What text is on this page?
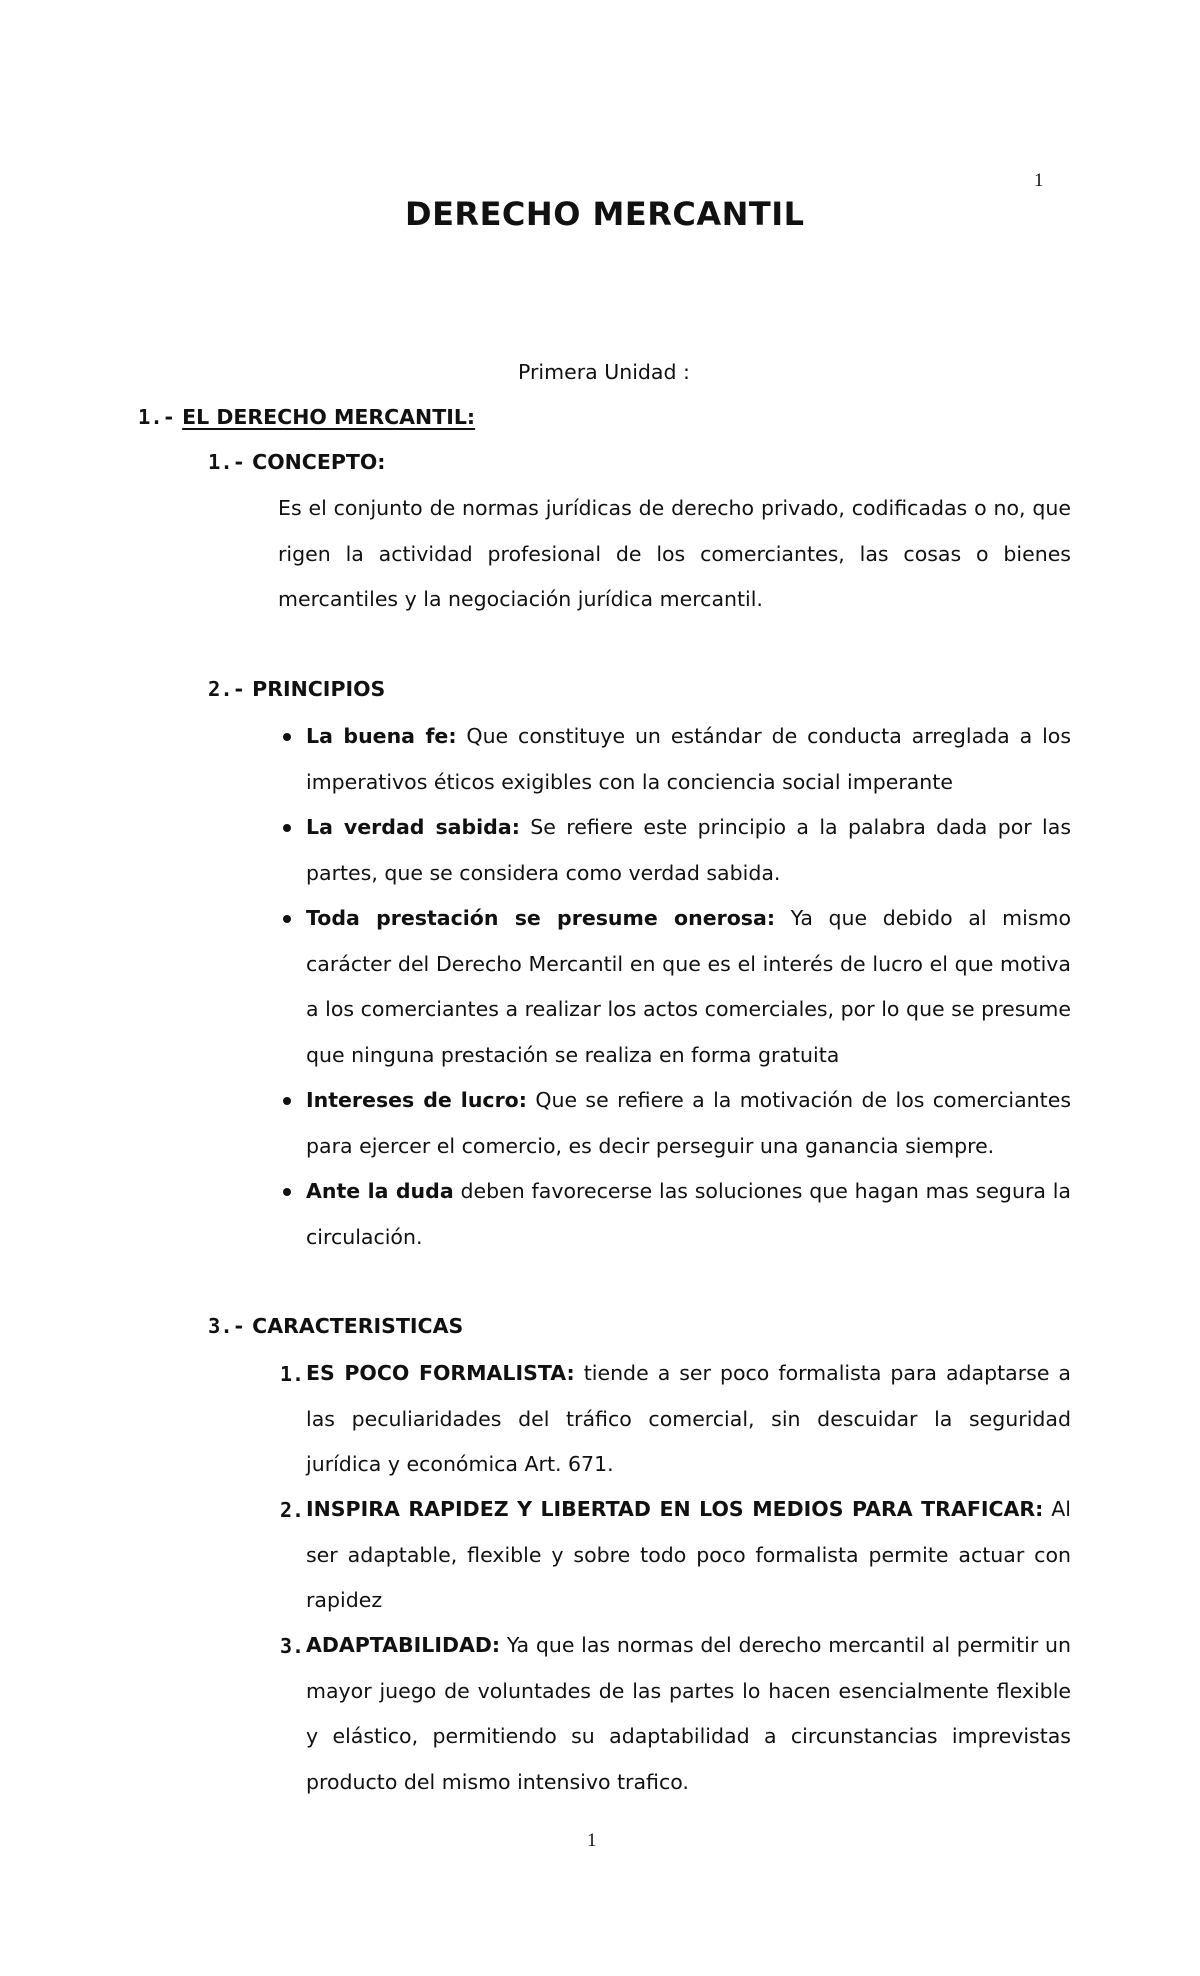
1
DERECHO MERCANTIL
Primera Unidad :
1.- EL DERECHO MERCANTIL:
1.- CONCEPTO:
Es el conjunto de normas jurídicas de derecho privado, codificadas o no, que rigen la actividad profesional de los comerciantes, las cosas o bienes mercantiles y la negociación jurídica mercantil.
2.- PRINCIPIOS
La buena fe: Que constituye un estándar de conducta arreglada a los imperativos éticos exigibles con la conciencia social imperante
La verdad sabida: Se refiere este principio a la palabra dada por las partes, que se considera como verdad sabida.
Toda prestación se presume onerosa: Ya que debido al mismo carácter del Derecho Mercantil en que es el interés de lucro el que motiva a los comerciantes a realizar los actos comerciales, por lo que se presume que ninguna prestación se realiza en forma gratuita
Intereses de lucro: Que se refiere a la motivación de los comerciantes para ejercer el comercio, es decir perseguir una ganancia siempre.
Ante la duda deben favorecerse las soluciones que hagan mas segura la circulación.
3.- CARACTERISTICAS
1. ES POCO FORMALISTA: tiende a ser poco formalista para adaptarse a las peculiaridades del tráfico comercial, sin descuidar la seguridad jurídica y económica Art. 671.
2. INSPIRA RAPIDEZ Y LIBERTAD EN LOS MEDIOS PARA TRAFICAR: Al ser adaptable, flexible y sobre todo poco formalista permite actuar con rapidez
3. ADAPTABILIDAD: Ya que las normas del derecho mercantil al permitir un mayor juego de voluntades de las partes lo hacen esencialmente flexible y elástico, permitiendo su adaptabilidad a circunstancias imprevistas producto del mismo intensivo trafico.
1
